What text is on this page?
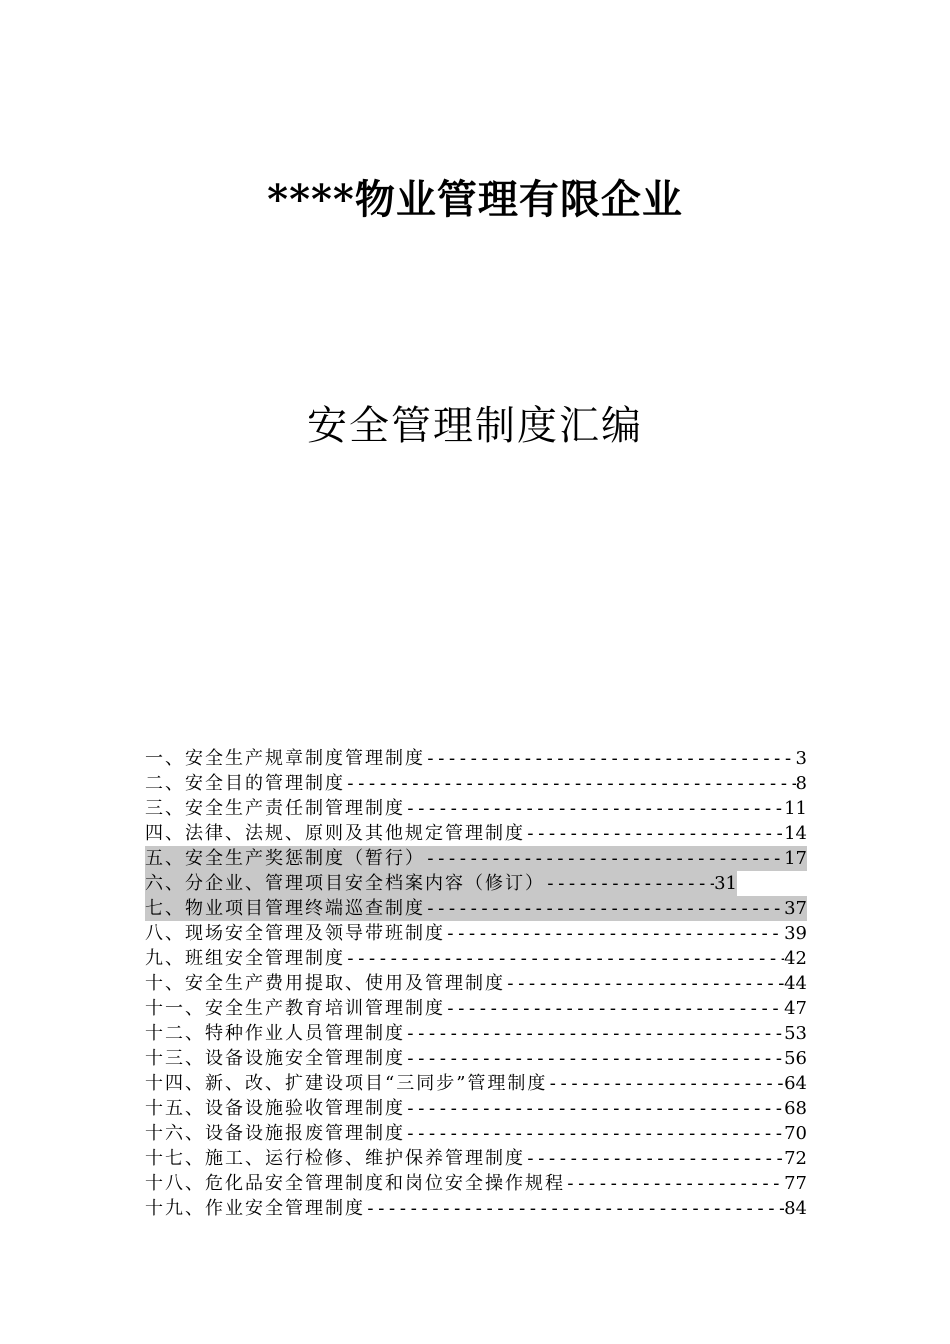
****物业管理有限企业
安全管理制度汇编
一、安全生产规章制度管理制度 -----	3
二、安全目的管理制度 -----	8
三、安全生产责任制管理制度 -----	11
四、法律、法规、原则及其他规定管理制度 -----	14
五、安全生产奖惩制度（暂行） -----	17
六、分企业、管理项目安全档案内容（修订） -----	31
七、物业项目管理终端巡查制度 -----	37
八、现场安全管理及领导带班制度 -----	39
九、班组安全管理制度 -----	42
十、安全生产费用提取、使用及管理制度 -----	44
十一、安全生产教育培训管理制度 -----	47
十二、特种作业人员管理制度 -----	53
十三、设备设施安全管理制度 -----	56
十四、新、改、扩建设项目“三同步”管理制度 -----	64
十五、设备设施验收管理制度 -----	68
十六、设备设施报废管理制度 -----	70
十七、施工、运行检修、维护保养管理制度 -----	72
十八、危化品安全管理制度和岗位安全操作规程 -----	77
十九、作业安全管理制度 -----	84
